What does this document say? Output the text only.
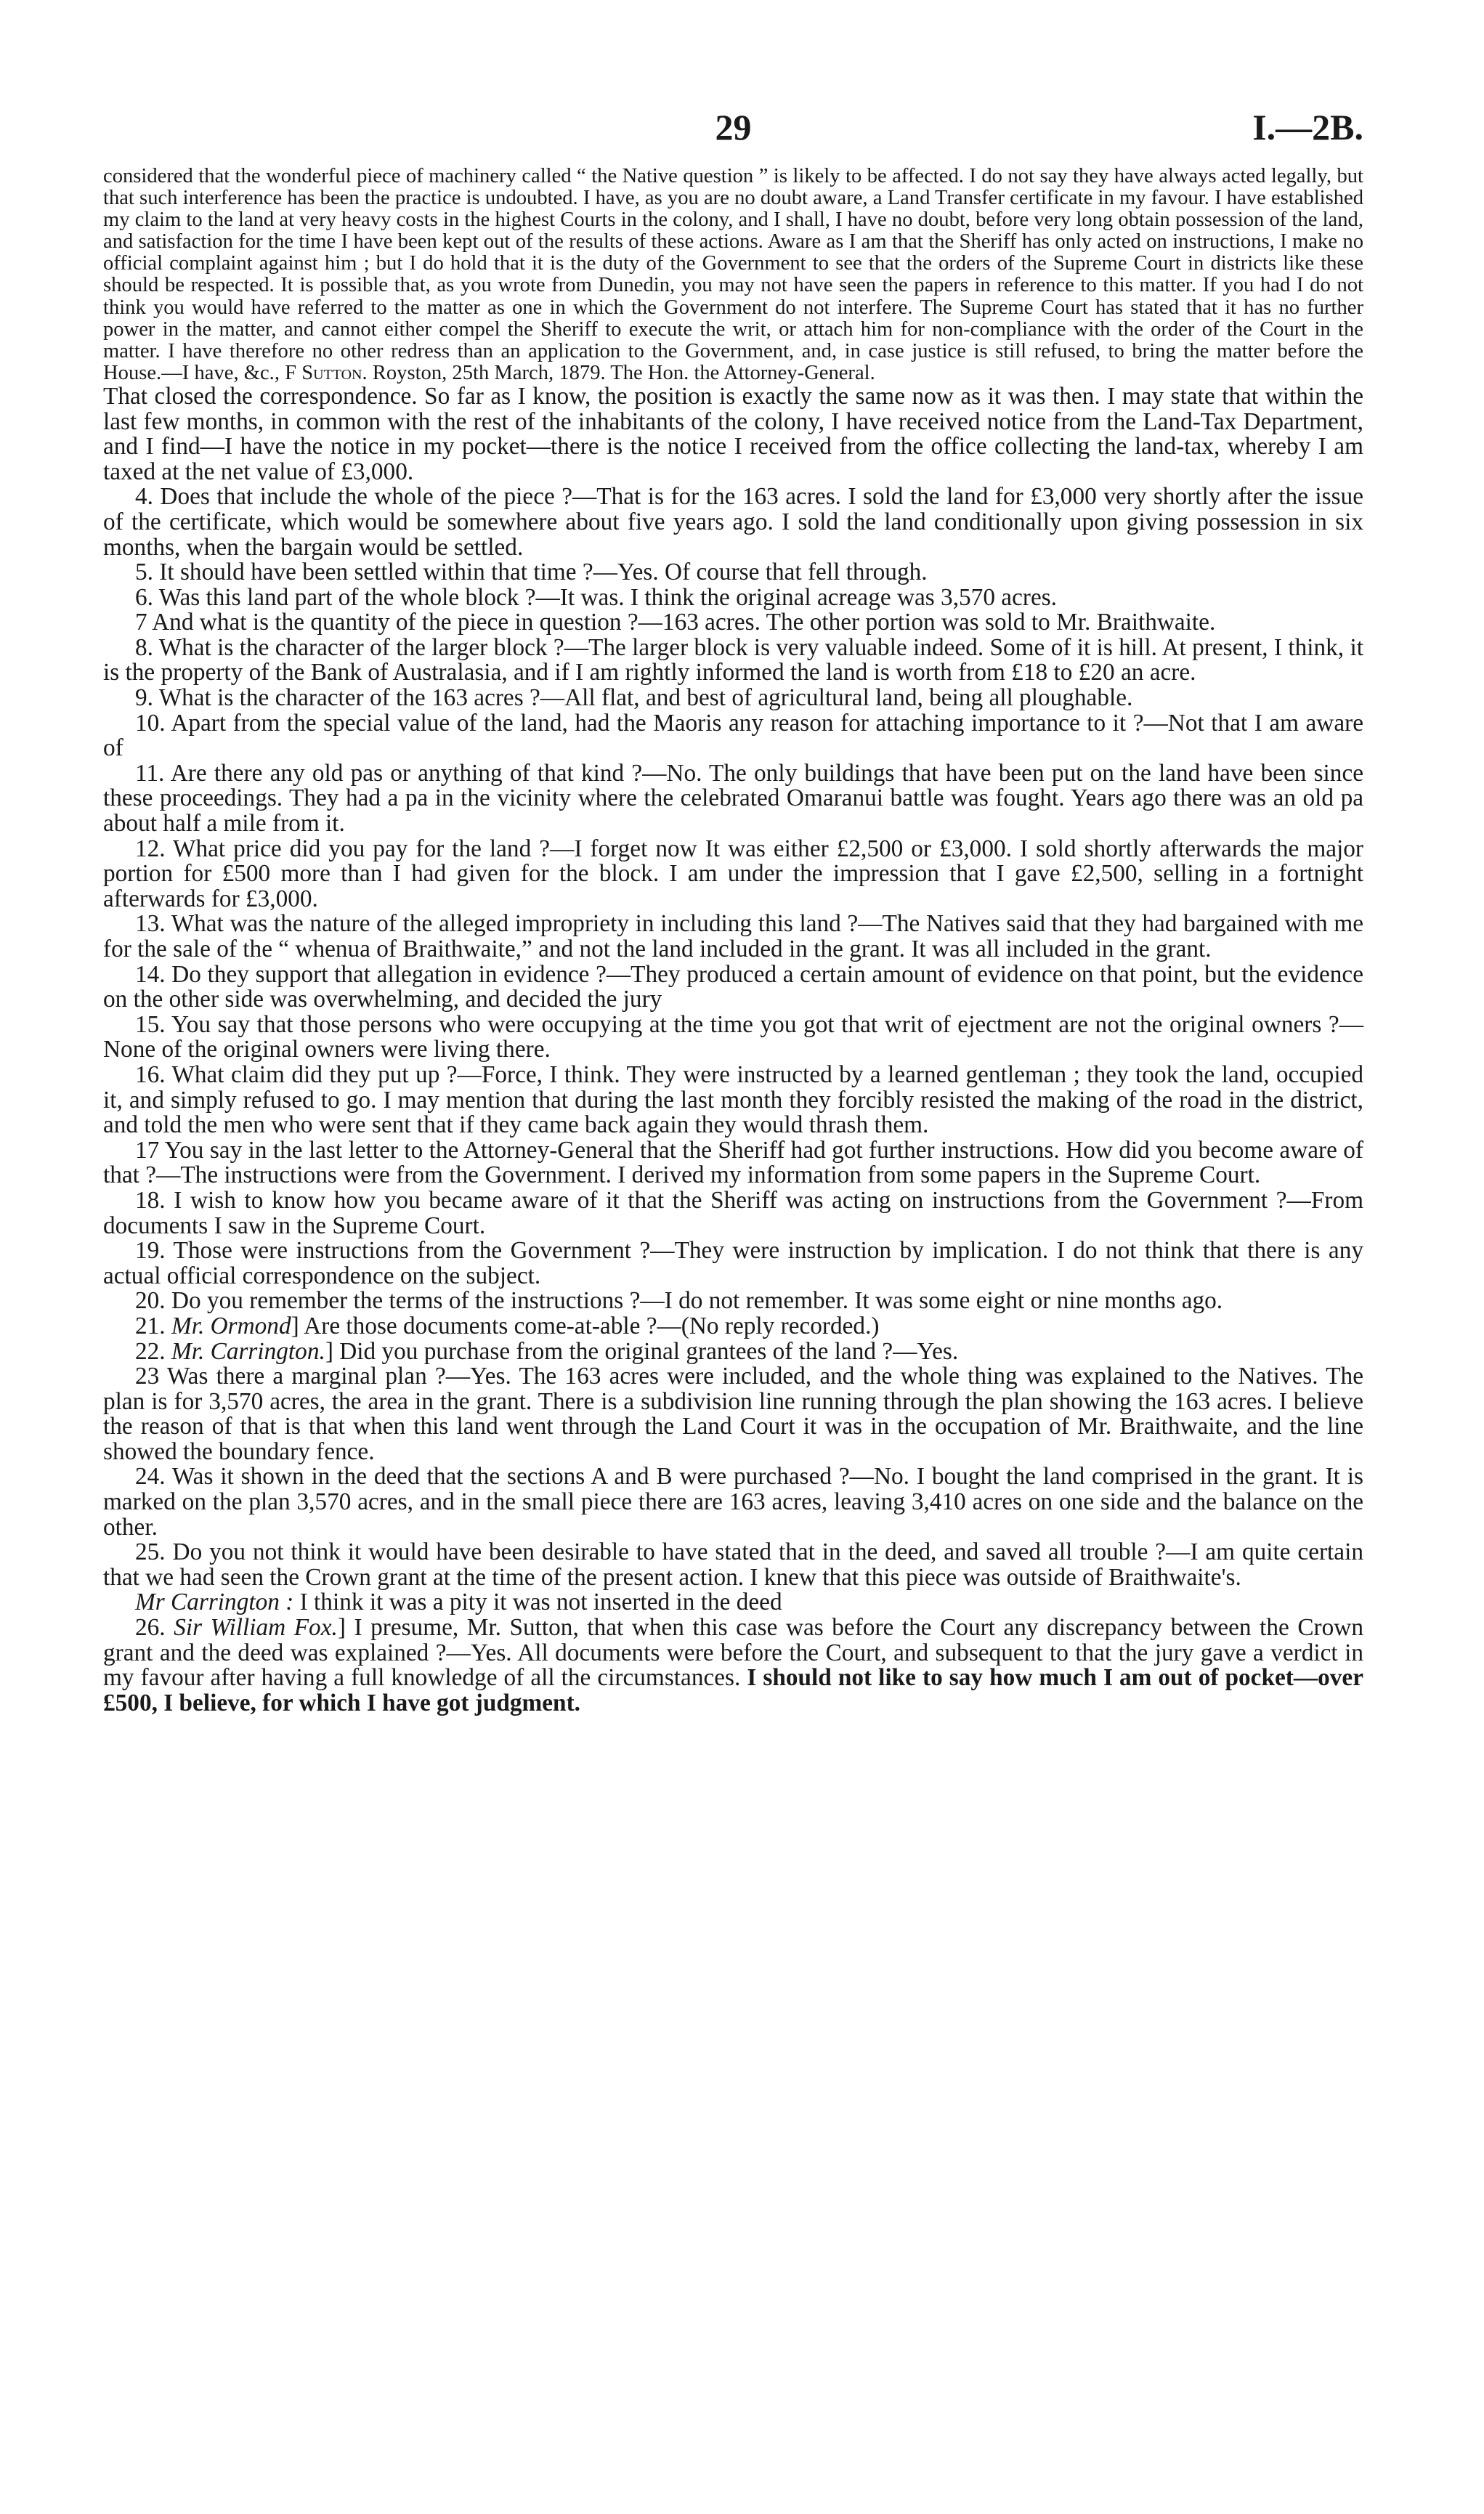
29	I.—2B.

considered that the wonderful piece of machinery called “ the Native question ” is likely to be affected. I do not say they have always acted legally, but that such interference has been the practice is undoubted. I have, as you are no doubt aware, a Land Transfer certificate in my favour. I have established my claim to the land at very heavy costs in the highest Courts in the colony, and I shall, I have no doubt, before very long obtain possession of the land, and satisfaction for the time I have been kept out of the results of these actions. Aware as I am that the Sheriff has only acted on instructions, I make no official complaint against him ; but I do hold that it is the duty of the Government to see that the orders of the Supreme Court in districts like these should be respected. It is possible that, as you wrote from Dunedin, you may not have seen the papers in reference to this matter. If you had I do not think you would have referred to the matter as one in which the Government do not interfere. The Supreme Court has stated that it has no further power in the matter, and cannot either compel the Sheriff to execute the writ, or attach him for non-compliance with the order of the Court in the matter. I have therefore no other redress than an application to the Government, and, in case justice is still refused, to bring the matter before the House.—I have, &c., F Sutton. Royston, 25th March, 1879. The Hon. the Attorney-General.

That closed the correspondence. So far as I know, the position is exactly the same now as it was then. I may state that within the last few months, in common with the rest of the inhabitants of the colony, I have received notice from the Land-Tax Department, and I find—I have the notice in my pocket—there is the notice I received from the office collecting the land-tax, whereby I am taxed at the net value of £3,000.

4. Does that include the whole of the piece ?—That is for the 163 acres. I sold the land for £3,000 very shortly after the issue of the certificate, which would be somewhere about five years ago. I sold the land conditionally upon giving possession in six months, when the bargain would be settled.

5. It should have been settled within that time ?—Yes. Of course that fell through.

6. Was this land part of the whole block ?—It was. I think the original acreage was 3,570 acres.

7 And what is the quantity of the piece in question ?—163 acres. The other portion was sold to Mr. Braithwaite.

8. What is the character of the larger block ?—The larger block is very valuable indeed. Some of it is hill. At present, I think, it is the property of the Bank of Australasia, and if I am rightly informed the land is worth from £18 to £20 an acre.

9. What is the character of the 163 acres ?—All flat, and best of agricultural land, being all ploughable.

10. Apart from the special value of the land, had the Maoris any reason for attaching importance to it ?—Not that I am aware of

11. Are there any old pas or anything of that kind ?—No. The only buildings that have been put on the land have been since these proceedings. They had a pa in the vicinity where the celebrated Omaranui battle was fought. Years ago there was an old pa about half a mile from it.

12. What price did you pay for the land ?—I forget now It was either £2,500 or £3,000. I sold shortly afterwards the major portion for £500 more than I had given for the block. I am under the impression that I gave £2,500, selling in a fortnight afterwards for £3,000.

13. What was the nature of the alleged impropriety in including this land ?—The Natives said that they had bargained with me for the sale of the “ whenua of Braithwaite,” and not the land included in the grant. It was all included in the grant.

14. Do they support that allegation in evidence ?—They produced a certain amount of evidence on that point, but the evidence on the other side was overwhelming, and decided the jury

15. You say that those persons who were occupying at the time you got that writ of ejectment are not the original owners ?—None of the original owners were living there.

16. What claim did they put up ?—Force, I think. They were instructed by a learned gentleman ; they took the land, occupied it, and simply refused to go. I may mention that during the last month they forcibly resisted the making of the road in the district, and told the men who were sent that if they came back again they would thrash them.

17 You say in the last letter to the Attorney-General that the Sheriff had got further instructions. How did you become aware of that ?—The instructions were from the Government. I derived my information from some papers in the Supreme Court.

18. I wish to know how you became aware of it that the Sheriff was acting on instructions from the Government ?—From documents I saw in the Supreme Court.

19. Those were instructions from the Government ?—They were instruction by implication. I do not think that there is any actual official correspondence on the subject.

20. Do you remember the terms of the instructions ?—I do not remember. It was some eight or nine months ago.

21. Mr. Ormond] Are those documents come-at-able ?—(No reply recorded.)

22. Mr. Carrington.] Did you purchase from the original grantees of the land ?—Yes.

23 Was there a marginal plan ?—Yes. The 163 acres were included, and the whole thing was explained to the Natives. The plan is for 3,570 acres, the area in the grant. There is a subdivision line running through the plan showing the 163 acres. I believe the reason of that is that when this land went through the Land Court it was in the occupation of Mr. Braithwaite, and the line showed the boundary fence.

24. Was it shown in the deed that the sections A and B were purchased ?—No. I bought the land comprised in the grant. It is marked on the plan 3,570 acres, and in the small piece there are 163 acres, leaving 3,410 acres on one side and the balance on the other.

25. Do you not think it would have been desirable to have stated that in the deed, and saved all trouble ?—I am quite certain that we had seen the Crown grant at the time of the present action. I knew that this piece was outside of Braithwaite's.

Mr Carrington : I think it was a pity it was not inserted in the deed

26. Sir William Fox.] I presume, Mr. Sutton, that when this case was before the Court any discrepancy between the Crown grant and the deed was explained ?—Yes. All documents were before the Court, and subsequent to that the jury gave a verdict in my favour after having a full knowledge of all the circumstances. I should not like to say how much I am out of pocket—over £500, I believe, for which I have got judgment.
